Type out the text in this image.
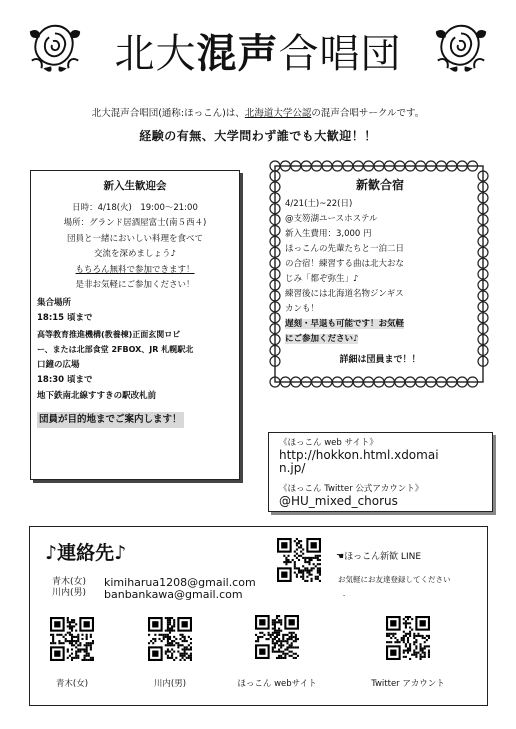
北大混声合唱団
北大混声合唱団(通称:ほっこん)は、北海道大学公認の混声合唱サークルです。
経験の有無、大学問わず誰でも大歓迎！！
新入生歓迎会
日時：4/18(火)　19:00〜21:00
場所：グランド居酒屋富士(南５西４)
団員と一緒においしい料理を食べて
交流を深めましょう♪
もちろん無料で参加できます！
是非お気軽にご参加ください！
集合場所
18:15 頃まで
高等教育推進機構(教養棟)正面玄関ロビ
ー、または北部食堂 2FBOX、JR 札幌駅北
口鐘の広場
18:30 頃まで
地下鉄南北線すすきの駅改札前
団員が目的地までご案内します！
新歓合宿
4/21(土)~22(日)
@支笏湖ユースホステル
新入生費用：3,000 円
ほっこんの先輩たちと一泊二日
の合宿！練習する曲は北大おな
じみ「都ぞ弥生」♪
練習後には北海道名物ジンギス
カンも！
遅刻・早退も可能です！お気軽
にご参加ください♪
詳細は団員まで！！
《ほっこん web サイト》
http://hokkon.html.xdomai
n.jp/
《ほっこん Twitter 公式アカウント》
@HU_mixed_chorus
♪連絡先♪
青木(女)
川内(男)
kimiharua1208@gmail.com
banbankawa@gmail.com
☚ほっこん新歓 LINE
お気軽にお友達登録してください
-
青木(女)	川内(男)	ほっこん webサイト	Twitter アカウント
